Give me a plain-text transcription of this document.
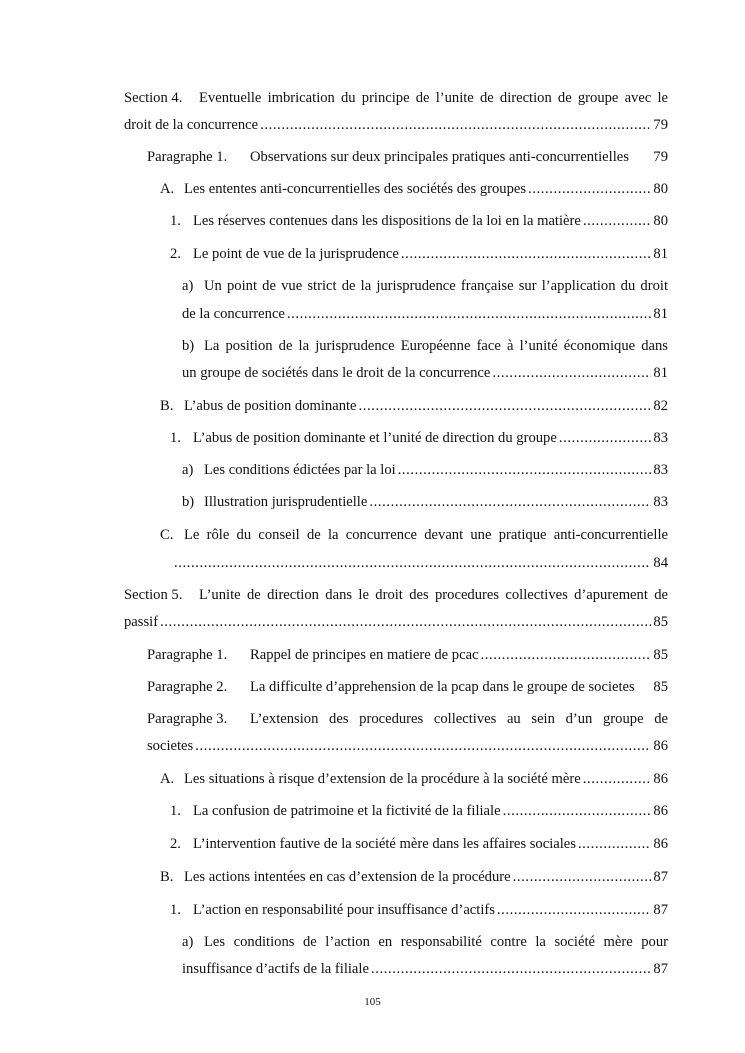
Section 4.	Eventuelle imbrication du principe de l’unite de direction de groupe avec le
droit de la concurrence .....	79
Paragraphe 1.	Observations sur deux principales pratiques anti-concurrentielles 79
A. Les ententes anti-concurrentielles des sociétés des groupes .....	80
1. Les réserves contenues dans les dispositions de la loi en la matière .....	80
2. Le point de vue de la jurisprudence .....	81
a) Un point de vue strict de la jurisprudence française sur l’application du droit
de la concurrence .....	81
b) La position de la jurisprudence Européenne face à l’unité économique dans
un groupe de sociétés dans le droit de la concurrence .....	81
B. L’abus de position dominante .....	82
1. L’abus de position dominante et l’unité de direction du groupe .....	83
a) Les conditions édictées par la loi .....	83
b) Illustration jurisprudentielle .....	83
C. Le rôle du conseil de la concurrence devant une pratique anti-concurrentielle
.....
84
Section 5.	L’unite de direction dans le droit des procedures collectives d’apurement de
passif .....	85
Paragraphe 1.	Rappel de principes en matiere de pcac .....	85
Paragraphe 2.	La difficulte d’apprehension de la pcap dans le groupe de societes 85
Paragraphe 3.	L’extension des procedures collectives au sein d’un groupe de
societes .....	86
A. Les situations à risque d’extension de la procédure à la société mère .....	86
1. La confusion de patrimoine et la fictivité de la filiale .....	86
2. L’intervention fautive de la société mère dans les affaires sociales .....	86
B. Les actions intentées en cas d’extension de la procédure .....	87
1. L’action en responsabilité pour insuffisance d’actifs .....	87
a) Les conditions de l’action en responsabilité contre la société mère pour
insuffisance d’actifs de la filiale .....	87
105
